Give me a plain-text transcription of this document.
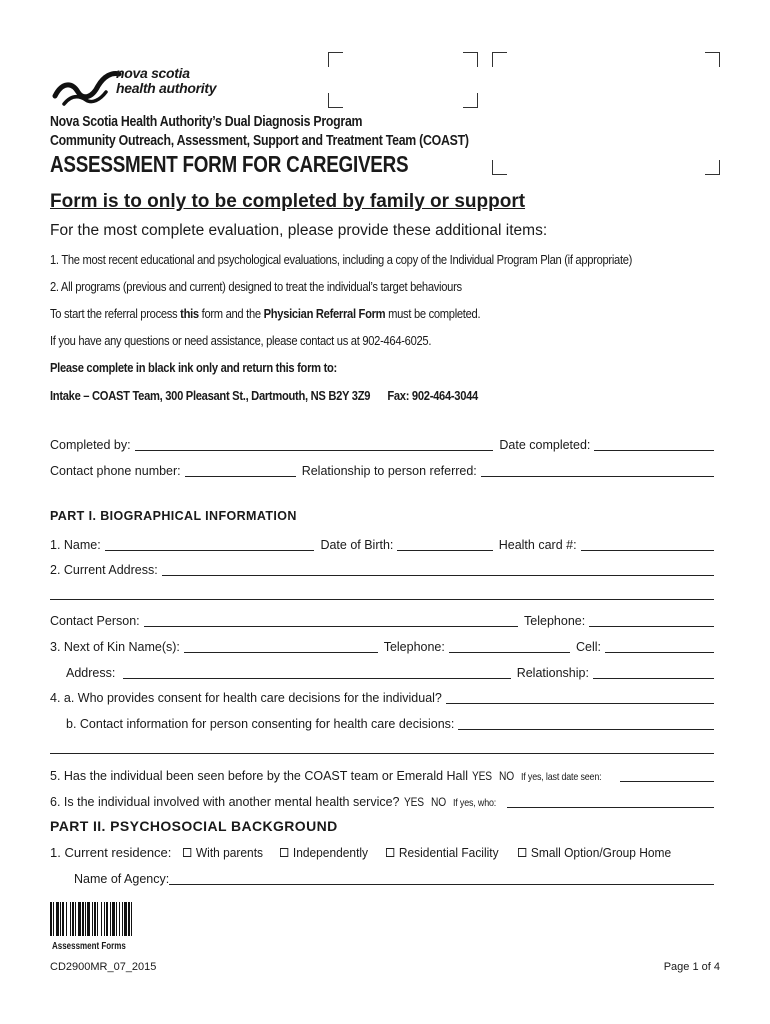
nova scotia
health authority
Nova Scotia Health Authority’s Dual Diagnosis Program
Community Outreach, Assessment, Support and Treatment Team (COAST)
ASSESSMENT FORM FOR CAREGIVERS
Form is to only to be completed by family or support
For the most complete evaluation, please provide these additional items:
1. The most recent educational and psychological evaluations, including a copy of the Individual Program Plan (if appropriate)
2. All programs (previous and current) designed to treat the individual’s target behaviours
To start the referral process this form and the Physician Referral Form must be completed.
If you have any questions or need assistance, please contact us at 902-464-6025.
Please complete in black ink only and return this form to:
Intake – COAST Team, 300 Pleasant St., Dartmouth, NS B2Y 3Z9 Fax: 902-464-3044
Completed by:	Date completed:
Contact phone number:	Relationship to person referred:
PART I. BIOGRAPHICAL INFORMATION
1. Name:	Date of Birth:	Health card #:
2. Current Address:
Contact Person:	Telephone:
3. Next of Kin Name(s):	Telephone:	Cell:
Address:	Relationship:
4. a. Who provides consent for health care decisions for the individual?
b. Contact information for person consenting for health care decisions:
5. Has the individual been seen before by the COAST team or Emerald Hall YES NO If yes, last date seen:
6. Is the individual involved with another mental health service? YES NO If yes, who:
PART II. PSYCHOSOCIAL BACKGROUND
1. Current residence: With parents Independently Residential Facility	Small Option/Group Home
Name of Agency:
Assessment Forms
CD2900MR_07_2015	Page 1 of 4
